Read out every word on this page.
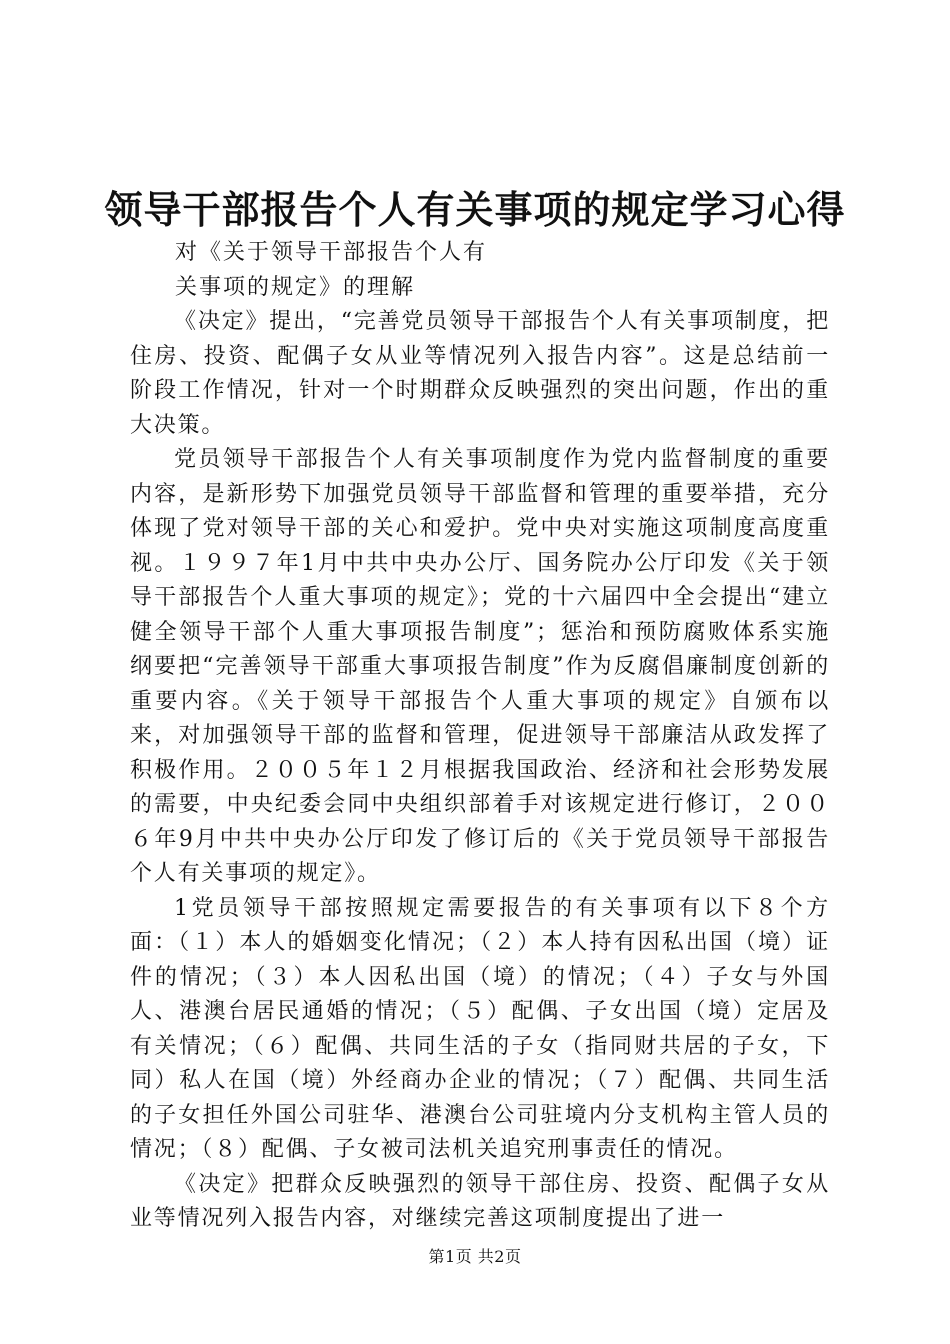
领导干部报告个人有关事项的规定学习心得

对《关于领导干部报告个人有

关事项的规定》的理解

《决定》提出，“完善党员领导干部报告个人有关事项制度，把住房、投资、配偶子女从业等情况列入报告内容”。这是总结前一阶段工作情况，针对一个时期群众反映强烈的突出问题，作出的重大决策。

党员领导干部报告个人有关事项制度作为党内监督制度的重要内容，是新形势下加强党员领导干部监督和管理的重要举措，充分体现了党对领导干部的关心和爱护。党中央对实施这项制度高度重视。１９９７年1月中共中央办公厅、国务院办公厅印发《关于领导干部报告个人重大事项的规定》；党的十六届四中全会提出“建立健全领导干部个人重大事项报告制度”；惩治和预防腐败体系实施纲要把“完善领导干部重大事项报告制度”作为反腐倡廉制度创新的重要内容。《关于领导干部报告个人重大事项的规定》自颁布以来，对加强领导干部的监督和管理，促进领导干部廉洁从政发挥了积极作用。２００５年１２月根据我国政治、经济和社会形势发展的需要，中央纪委会同中央组织部着手对该规定进行修订，２００６年9月中共中央办公厅印发了修订后的《关于党员领导干部报告个人有关事项的规定》。

1党员领导干部按照规定需要报告的有关事项有以下８个方面：（１）本人的婚姻变化情况；（２）本人持有因私出国（境）证件的情况；（３）本人因私出国（境）的情况；（４）子女与外国人、港澳台居民通婚的情况；（５）配偶、子女出国（境）定居及有关情况；（６）配偶、共同生活的子女（指同财共居的子女，下同）私人在国（境）外经商办企业的情况；（７）配偶、共同生活的子女担任外国公司驻华、港澳台公司驻境内分支机构主管人员的情况；（８）配偶、子女被司法机关追究刑事责任的情况。

《决定》把群众反映强烈的领导干部住房、投资、配偶子女从业等情况列入报告内容，对继续完善这项制度提出了进一

第1页 共2页
